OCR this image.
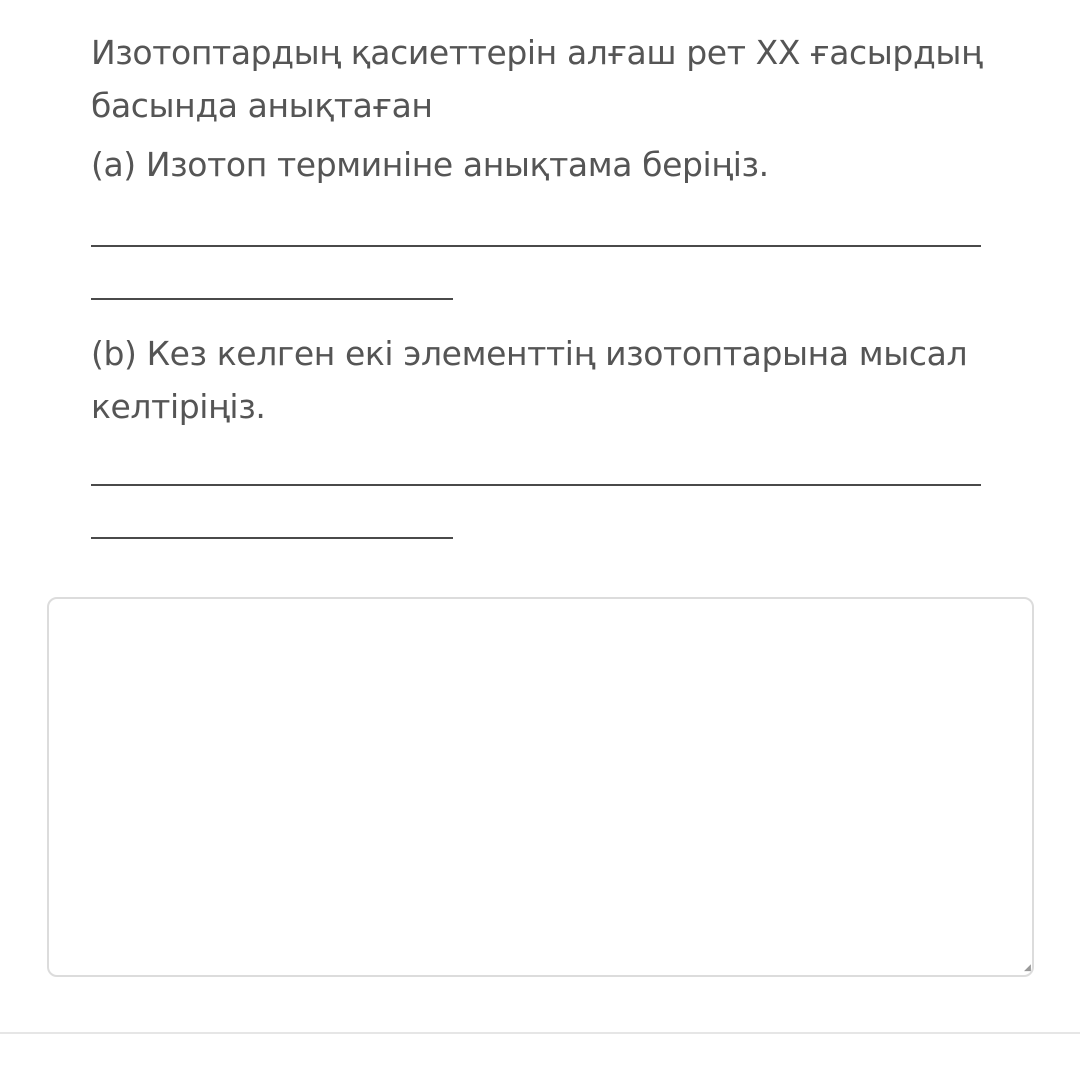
Изотоптардың қасиеттерін алғаш рет XX ғасырдың басында анықтаған

(a) Изотоп терминіне анықтама беріңіз.

(b) Кез келген екі элементтің изотоптарына мысал келтіріңіз.

◢
